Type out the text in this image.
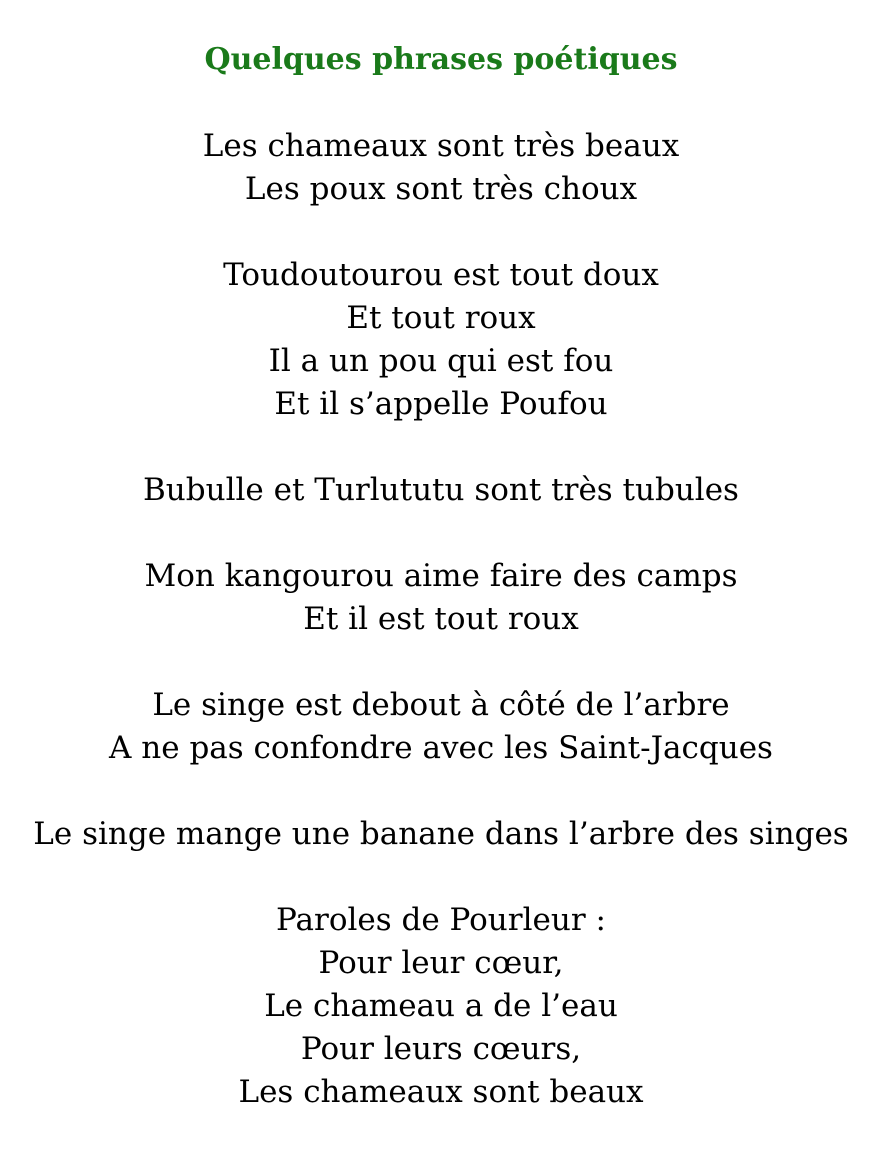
Quelques phrases poétiques

Les chameaux sont très beaux

Les poux sont très choux

Toudoutourou est tout doux

Et tout roux

Il a un pou qui est fou

Et il s’appelle Poufou

Bubulle et Turlututu sont très tubules

Mon kangourou aime faire des camps

Et il est tout roux

Le singe est debout à côté de l’arbre

A ne pas confondre avec les Saint-Jacques

Le singe mange une banane dans l’arbre des singes

Paroles de Pourleur :

Pour leur cœur,

Le chameau a de l’eau

Pour leurs cœurs,

Les chameaux sont beaux
